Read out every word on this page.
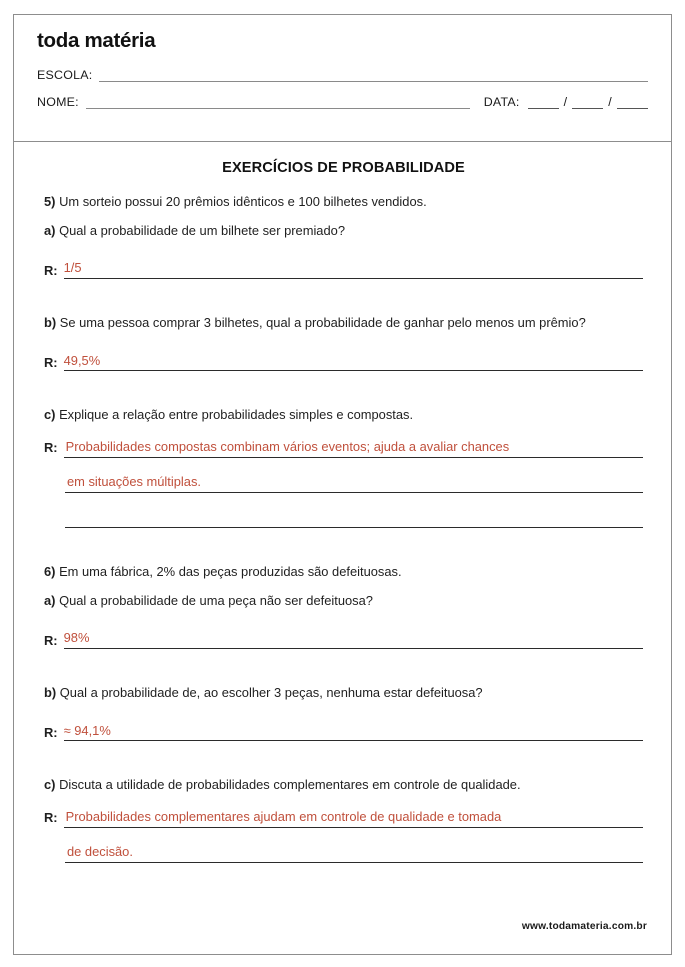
toda matéria
ESCOLA:
NOME:	DATA:	/	/
EXERCÍCIOS DE PROBABILIDADE

5) Um sorteio possui 20 prêmios idênticos e 100 bilhetes vendidos.

a) Qual a probabilidade de um bilhete ser premiado?

R: 1/5

b) Se uma pessoa comprar 3 bilhetes, qual a probabilidade de ganhar pelo menos um prêmio?

R: 49,5%

c) Explique a relação entre probabilidades simples e compostas.

R: Probabilidades compostas combinam vários eventos; ajuda a avaliar chances
em situações múltiplas.

6) Em uma fábrica, 2% das peças produzidas são defeituosas.

a) Qual a probabilidade de uma peça não ser defeituosa?

R: 98%

b) Qual a probabilidade de, ao escolher 3 peças, nenhuma estar defeituosa?

R: ≈ 94,1%

c) Discuta a utilidade de probabilidades complementares em controle de qualidade.

R: Probabilidades complementares ajudam em controle de qualidade e tomada
de decisão.
www.todamateria.com.br
